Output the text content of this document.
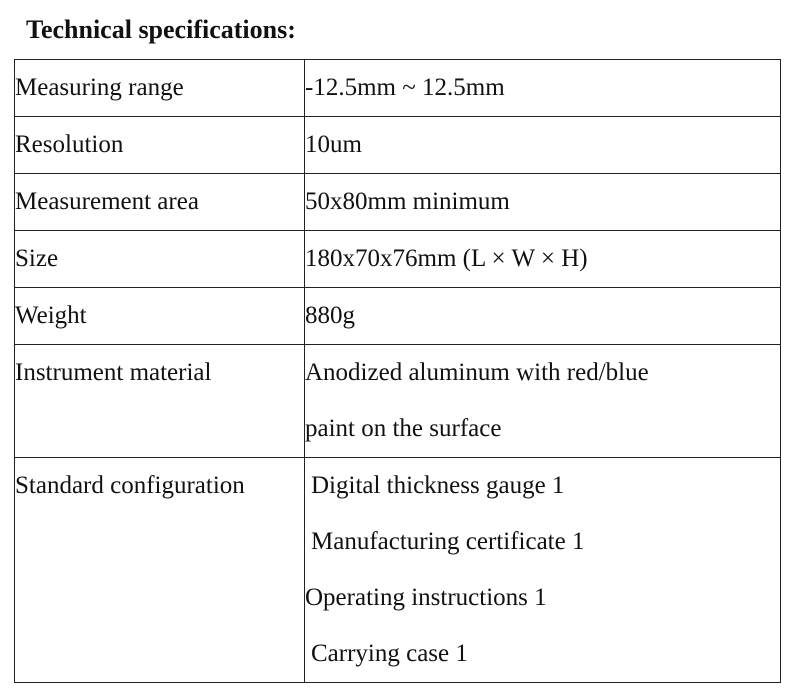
Technical specifications:
Measuring range	-12.5mm ~ 12.5mm
Resolution	10um
Measurement area	50x80mm minimum
Size	180x70x76mm (L × W × H)
Weight	880g
Instrument material	Anodized aluminum with red/blue
paint on the surface

Standard configuration	Digital thickness gauge 1
Manufacturing certificate 1
Operating instructions 1
Carrying case 1
